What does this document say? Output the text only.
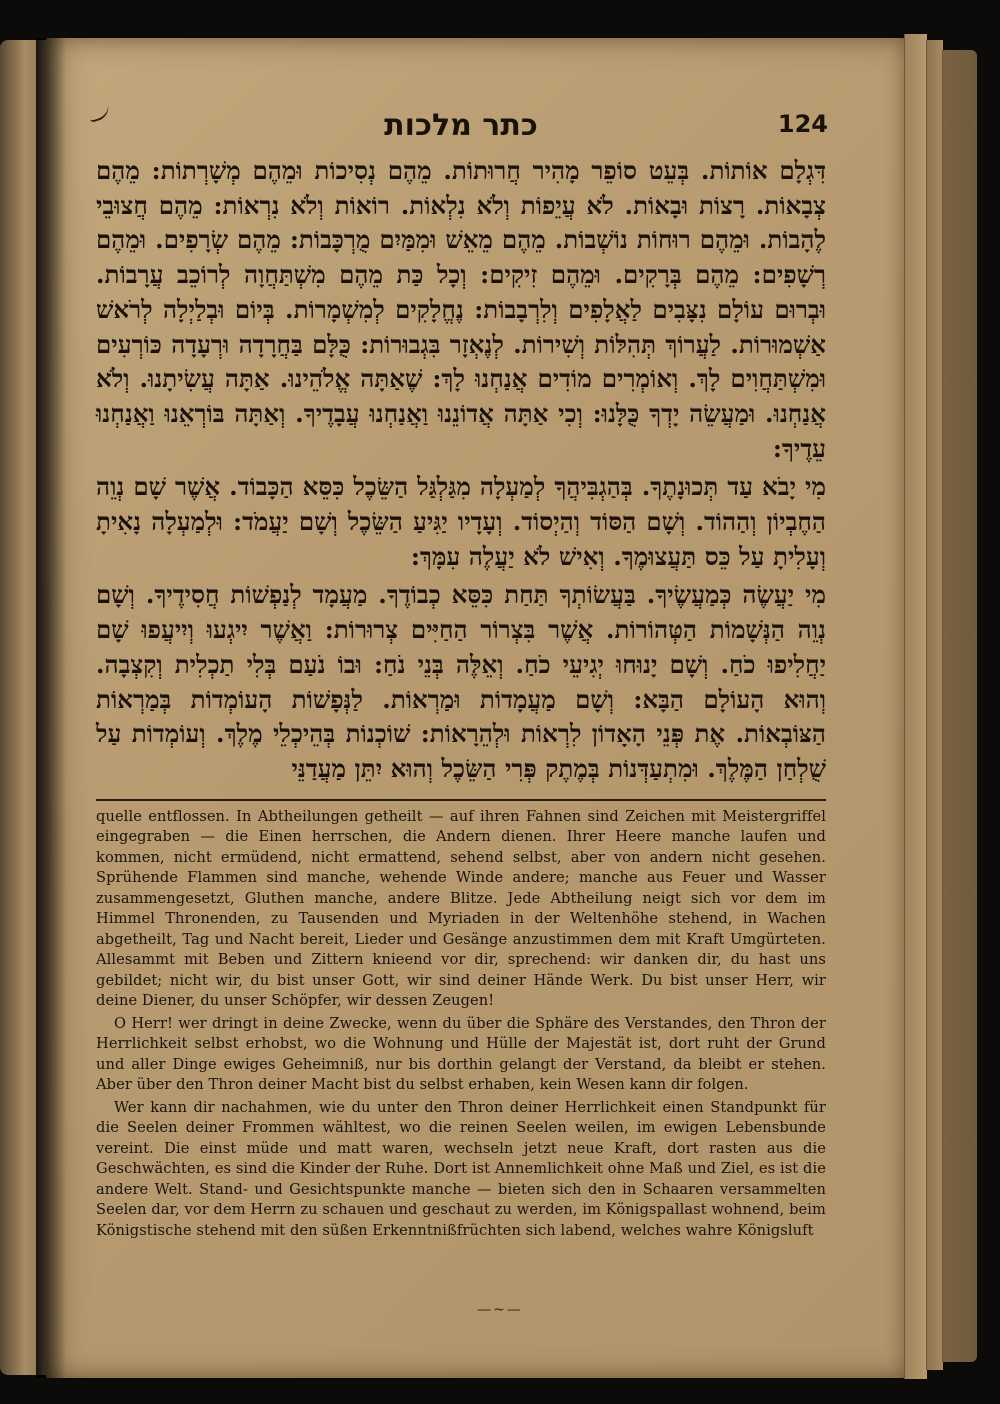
כתר מלכות	124

דִּגְלָם אוֹתוֹת. בְּעֵט סוֹפֵר מָהִיר חֲרוּתוֹת. מֵהֶם נְסִיכוֹת וּמֵהֶם מְשָׁרְתוֹת: מֵהֶם צְבָאוֹת. רָצוֹת וּבָאוֹת. לֹא עֲיֵפוֹת וְלֹא נִלְאוֹת. רוֹאוֹת וְלֹא נִרְאוֹת: מֵהֶם חֲצוּבֵי לֶהָבוֹת. וּמֵהֶם רוּחוֹת נוֹשְׁבוֹת. מֵהֶם מֵאֵשׁ וּמִמַּיִם מֻרְכָּבוֹת: מֵהֶם שְׂרָפִים. וּמֵהֶם רְשָׁפִים: מֵהֶם בְּרָקִים. וּמֵהֶם זִיקִים: וְכָל כַּת מֵהֶם מִשְׁתַּחֲוָה לְרוֹכֵב עֲרָבוֹת. וּבְרוּם עוֹלָם נִצָּבִים לַאֲלָפִים וְלִרְבָבוֹת: נֶחֱלָקִים לְמִשְׁמָרוֹת. בְּיוֹם וּבְלַיְלָה לְרֹאשׁ אַשְׁמוּרוֹת. לַעֲרוֹךְ תְּהִלּוֹת וְשִׁירוֹת. לְנֶאְזָר בִּגְבוּרוֹת: כֻּלָּם בַּחֲרָדָה וּרְעָדָה כּוֹרְעִים וּמִשְׁתַּחֲוִים לָךְ. וְאוֹמְרִים מוֹדִים אֲנַחְנוּ לָךְ: שֶׁאַתָּה אֱלֹהֵינוּ. אַתָּה עֲשִׂיתָנוּ. וְלֹא אֲנַחְנוּ. וּמַעֲשֵׂה יָדְךָ כֻּלָּנוּ: וְכִי אַתָּה אֲדוֹנֵנוּ וַאֲנַחְנוּ עֲבָדֶיךָ. וְאַתָּה בּוֹרְאֵנוּ וַאֲנַחְנוּ עֵדֶיךָ:

מִי יָבֹא עַד תְּכוּנָתֶךָ. בְּהַגְבִּיהֲךָ לְמַעְלָה מִגַּלְגַּל הַשֵּׂכֶל כִּסֵּא הַכָּבוֹד. אֲשֶׁר שָׁם נְוֵה הַחֶבְיוֹן וְהַהוֹד. וְשָׁם הַסּוֹד וְהַיְסוֹד. וְעָדָיו יַגִּיעַ הַשֵּׂכֶל וְשָׁם יַעֲמֹד: וּלְמַעְלָה נָאִיתָ וְעָלִיתָ עַל כֵּס תַּעֲצוּמֶךָ. וְאִישׁ לֹא יַעֲלֶה עִמָּךְ:

מִי יַעֲשֶׂה כְּמַעֲשֶׂיךָ. בַּעֲשׂוֹתְךָ תַּחַת כִּסֵּא כְבוֹדֶךָ. מַעֲמָד לְנַפְשׁוֹת חֲסִידֶיךָ. וְשָׁם נְוֵה הַנְּשָׁמוֹת הַטְּהוֹרוֹת. אֲשֶׁר בִּצְרוֹר הַחַיִּים צְרוּרוֹת: וַאֲשֶׁר יִיגְעוּ וְיִיעֲפוּ שָׁם יַחֲלִיפוּ כֹחַ. וְשָׁם יָנוּחוּ יְגִיעֵי כֹחַ. וְאֵלֶּה בְּנֵי נֹחַ: וּבוֹ נֹעַם בְּלִי תַכְלִית וְקִצְבָה. וְהוּא הָעוֹלָם הַבָּא: וְשָׁם מַעֲמָדוֹת וּמַרְאוֹת. לַנְּפָשׁוֹת הָעוֹמְדוֹת בְּמַרְאוֹת הַצּוֹבְאוֹת. אֶת פְּנֵי הָאָדוֹן לִרְאוֹת וּלְהֵרָאוֹת: שׁוֹכְנוֹת בְּהֵיכְלֵי מֶלֶךְ. וְעוֹמְדוֹת עַל שֻׁלְחַן הַמֶּלֶךְ. וּמִתְעַדְּנוֹת בְּמֶתֶק פְּרִי הַשֵּׂכֶל וְהוּא יִתֵּן מַעֲדַנֵּי

quelle entflossen. In Abtheilungen getheilt — auf ihren Fahnen sind Zeichen mit Meistergriffel eingegraben — die Einen herrschen, die Andern dienen. Ihrer Heere manche laufen und kommen, nicht ermüdend, nicht ermattend, sehend selbst, aber von andern nicht gesehen. Sprühende Flammen sind manche, wehende Winde andere; manche aus Feuer und Wasser zusammengesetzt, Gluthen manche, andere Blitze. Jede Abtheilung neigt sich vor dem im Himmel Thronenden, zu Tausenden und Myriaden in der Weltenhöhe stehend, in Wachen abgetheilt, Tag und Nacht bereit, Lieder und Gesänge anzustimmen dem mit Kraft Umgürteten. Allesammt mit Beben und Zittern knieend vor dir, sprechend: wir danken dir, du hast uns gebildet; nicht wir, du bist unser Gott, wir sind deiner Hände Werk. Du bist unser Herr, wir deine Diener, du unser Schöpfer, wir dessen Zeugen!

O Herr! wer dringt in deine Zwecke, wenn du über die Sphäre des Verstandes, den Thron der Herrlichkeit selbst erhobst, wo die Wohnung und Hülle der Majestät ist, dort ruht der Grund und aller Dinge ewiges Geheimniß, nur bis dorthin gelangt der Verstand, da bleibt er stehen. Aber über den Thron deiner Macht bist du selbst erhaben, kein Wesen kann dir folgen.

Wer kann dir nachahmen, wie du unter den Thron deiner Herrlichkeit einen Standpunkt für die Seelen deiner Frommen wähltest, wo die reinen Seelen weilen, im ewigen Lebensbunde vereint. Die einst müde und matt waren, wechseln jetzt neue Kraft, dort rasten aus die Geschwächten, es sind die Kinder der Ruhe. Dort ist Annemlichkeit ohne Maß und Ziel, es ist die andere Welt. Stand- und Gesichtspunkte manche — bieten sich den in Schaaren versammelten Seelen dar, vor dem Herrn zu schauen und geschaut zu werden, im Königspallast wohnend, beim Königstische stehend mit den süßen Erkenntnißfrüchten sich labend, welches wahre Königsluft

—~—
